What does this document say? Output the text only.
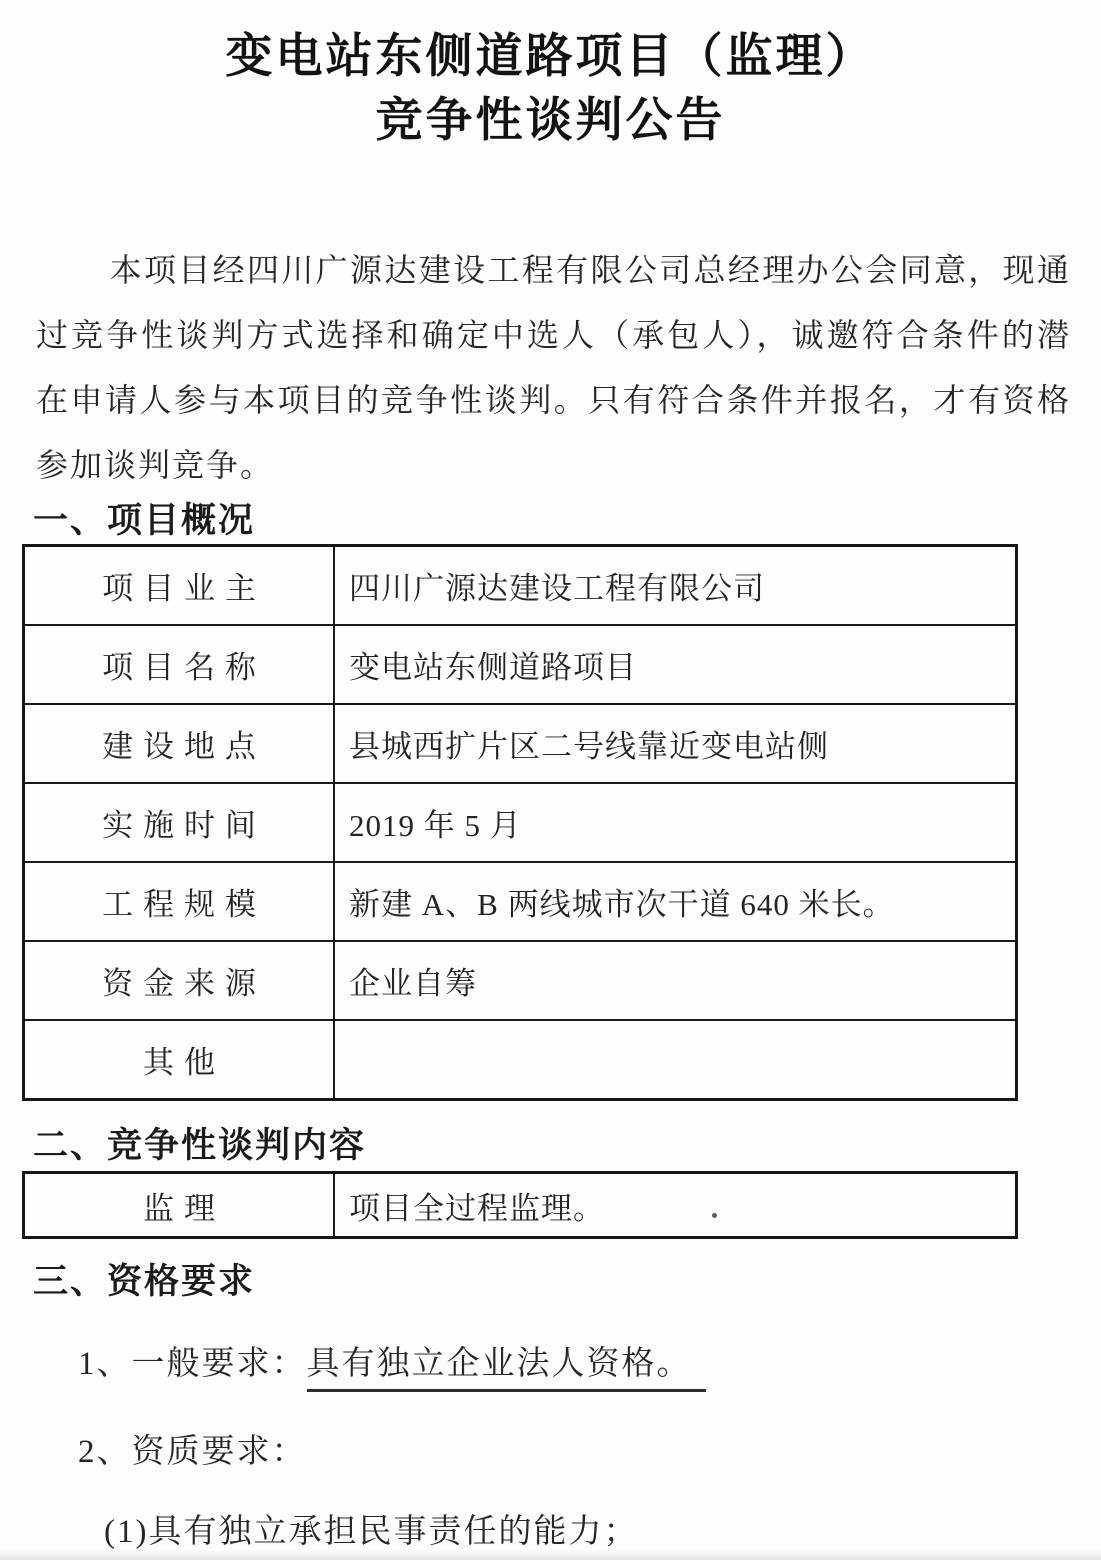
变电站东侧道路项目（监理）
竞争性谈判公告

本项目经四川广源达建设工程有限公司总经理办公会同意，现通过竞争性谈判方式选择和确定中选人（承包人），诚邀符合条件的潜在申请人参与本项目的竞争性谈判。只有符合条件并报名，才有资格参加谈判竞争。

一、项目概况
项目业主	四川广源达建设工程有限公司
项目名称	变电站东侧道路项目
建设地点	县城西扩片区二号线靠近变电站侧
实施时间	2019 年 5 月
工程规模	新建 A、B 两线城市次干道 640 米长。
资金来源	企业自筹
其他	
二、竞争性谈判内容
监理	项目全过程监理。
三、资格要求
1、一般要求：具有独立企业法人资格。
2、资质要求：
(1)具有独立承担民事责任的能力；
